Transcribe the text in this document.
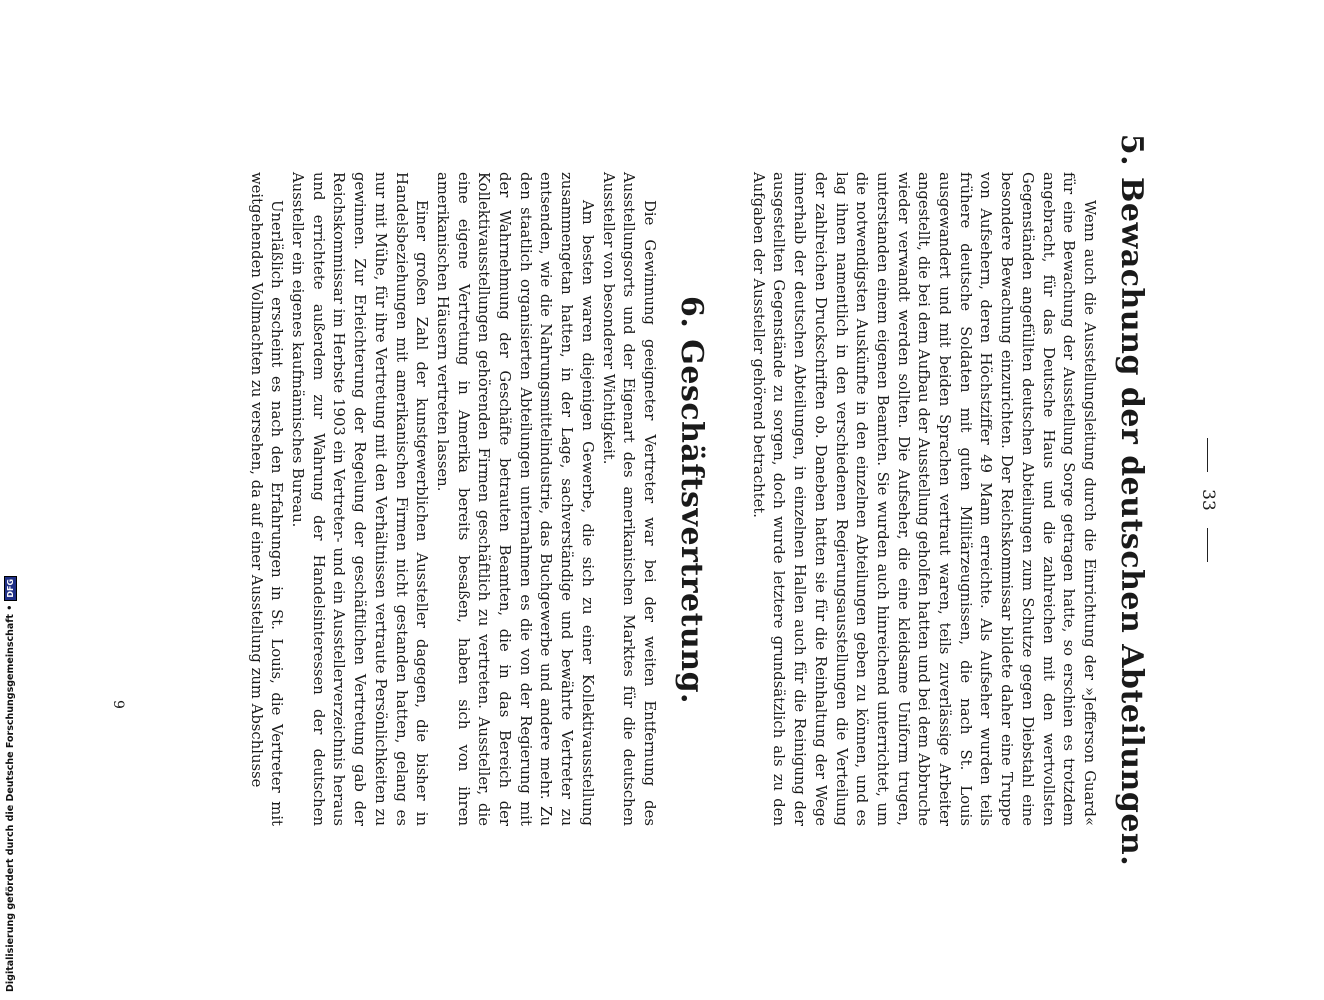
33
5. Bewachung der deutschen Abteilungen.

Wenn auch die Ausstellungsleitung durch die Einrichtung der »Jefferson Guard« für eine Bewachung der Ausstellung Sorge getragen hatte, so erschien es trotzdem angebracht, für das Deutsche Haus und die zahlreichen mit den wertvollsten Gegenständen angefüllten deutschen Abteilungen zum Schutze gegen Diebstahl eine besondere Bewachung einzurichten. Der Reichskommissar bildete daher eine Truppe von Aufsehern, deren Höchstziffer 49 Mann erreichte. Als Aufseher wurden teils frühere deutsche Soldaten mit guten Militärzeugnissen, die nach St. Louis ausgewandert und mit beiden Sprachen vertraut waren, teils zuverlässige Arbeiter angestellt, die bei dem Aufbau der Ausstellung geholfen hatten und bei dem Abbruche wieder verwandt werden sollten. Die Aufseher, die eine kleidsame Uniform trugen, unterstanden einem eigenen Beamten. Sie wurden auch hinreichend unterrichtet, um die notwendigsten Auskünfte in den einzelnen Abteilungen geben zu können, und es lag ihnen namentlich in den verschiedenen Regierungsausstellungen die Verteilung der zahlreichen Druckschriften ob. Daneben hatten sie für die Reinhaltung der Wege innerhalb der deutschen Abteilungen, in einzelnen Hallen auch für die Reinigung der ausgestellten Gegenstände zu sorgen, doch wurde letztere grundsätzlich als zu den Aufgaben der Aussteller gehörend betrachtet.

6. Geschäftsvertretung.

Die Gewinnung geeigneter Vertreter war bei der weiten Entfernung des Ausstellungsorts und der Eigenart des amerikanischen Marktes für die deutschen Aussteller von besonderer Wichtigkeit.

Am besten waren diejenigen Gewerbe, die sich zu einer Kollektivausstellung zusammengetan hatten, in der Lage, sachverständige und bewährte Vertreter zu entsenden, wie die Nahrungsmittelindustrie, das Buchgewerbe und andere mehr. Zu den staatlich organisierten Abteilungen unternahmen es die von der Regierung mit der Wahrnehmung der Geschäfte betrauten Beamten, die in das Bereich der Kollektivausstellungen gehörenden Firmen geschäftlich zu vertreten. Aussteller, die eine eigene Vertretung in Amerika bereits besaßen, haben sich von ihren amerikanischen Häusern vertreten lassen.

Einer großen Zahl der kunstgewerblichen Aussteller dagegen, die bisher in Handelsbeziehungen mit amerikanischen Firmen nicht gestanden hatten, gelang es nur mit Mühe, für ihre Vertretung mit den Verhältnissen vertraute Persönlichkeiten zu gewinnen. Zur Erleichterung der Regelung der geschäftlichen Vertretung gab der Reichskommissar im Herbste 1903 ein Vertreter- und ein Ausstellerverzeichnis heraus und errichtete außerdem zur Wahrung der Handelsinteressen der deutschen Aussteller ein eigenes kaufmännisches Bureau.

Unerläßlich erscheint es nach den Erfahrungen in St. Louis, die Vertreter mit weitgehenden Vollmachten zu versehen, da auf einer Ausstellung zum Abschlusse

9
Digitalisierung gefördert durch die Deutsche Forschungsgemeinschaft •
DFG
